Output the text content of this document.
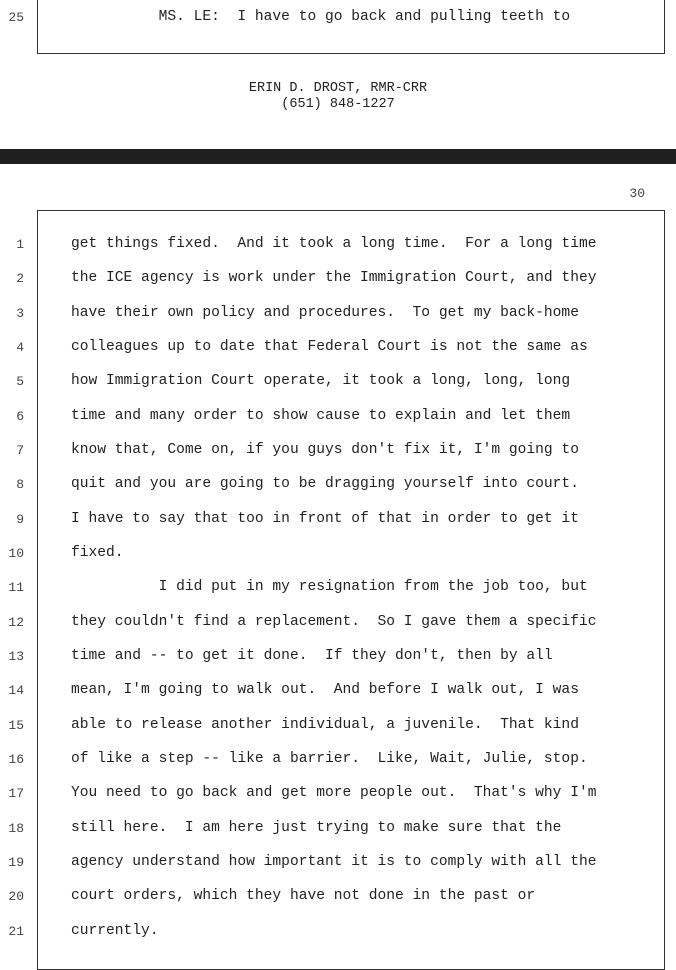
25	MS. LE:  I have to go back and pulling teeth to
ERIN D. DROST, RMR-CRR
(651) 848-1227
30
1	get things fixed.  And it took a long time.  For a long time
2	the ICE agency is work under the Immigration Court, and they
3	have their own policy and procedures.  To get my back-home
4	colleagues up to date that Federal Court is not the same as
5	how Immigration Court operate, it took a long, long, long
6	time and many order to show cause to explain and let them
7	know that, Come on, if you guys don't fix it, I'm going to
8	quit and you are going to be dragging yourself into court.
9	I have to say that too in front of that in order to get it
10	fixed.
11	I did put in my resignation from the job too, but
12	they couldn't find a replacement.  So I gave them a specific
13	time and -- to get it done.  If they don't, then by all
14	mean, I'm going to walk out.  And before I walk out, I was
15	able to release another individual, a juvenile.  That kind
16	of like a step -- like a barrier.  Like, Wait, Julie, stop.
17	You need to go back and get more people out.  That's why I'm
18	still here.  I am here just trying to make sure that the
19	agency understand how important it is to comply with all the
20	court orders, which they have not done in the past or
21	currently.
